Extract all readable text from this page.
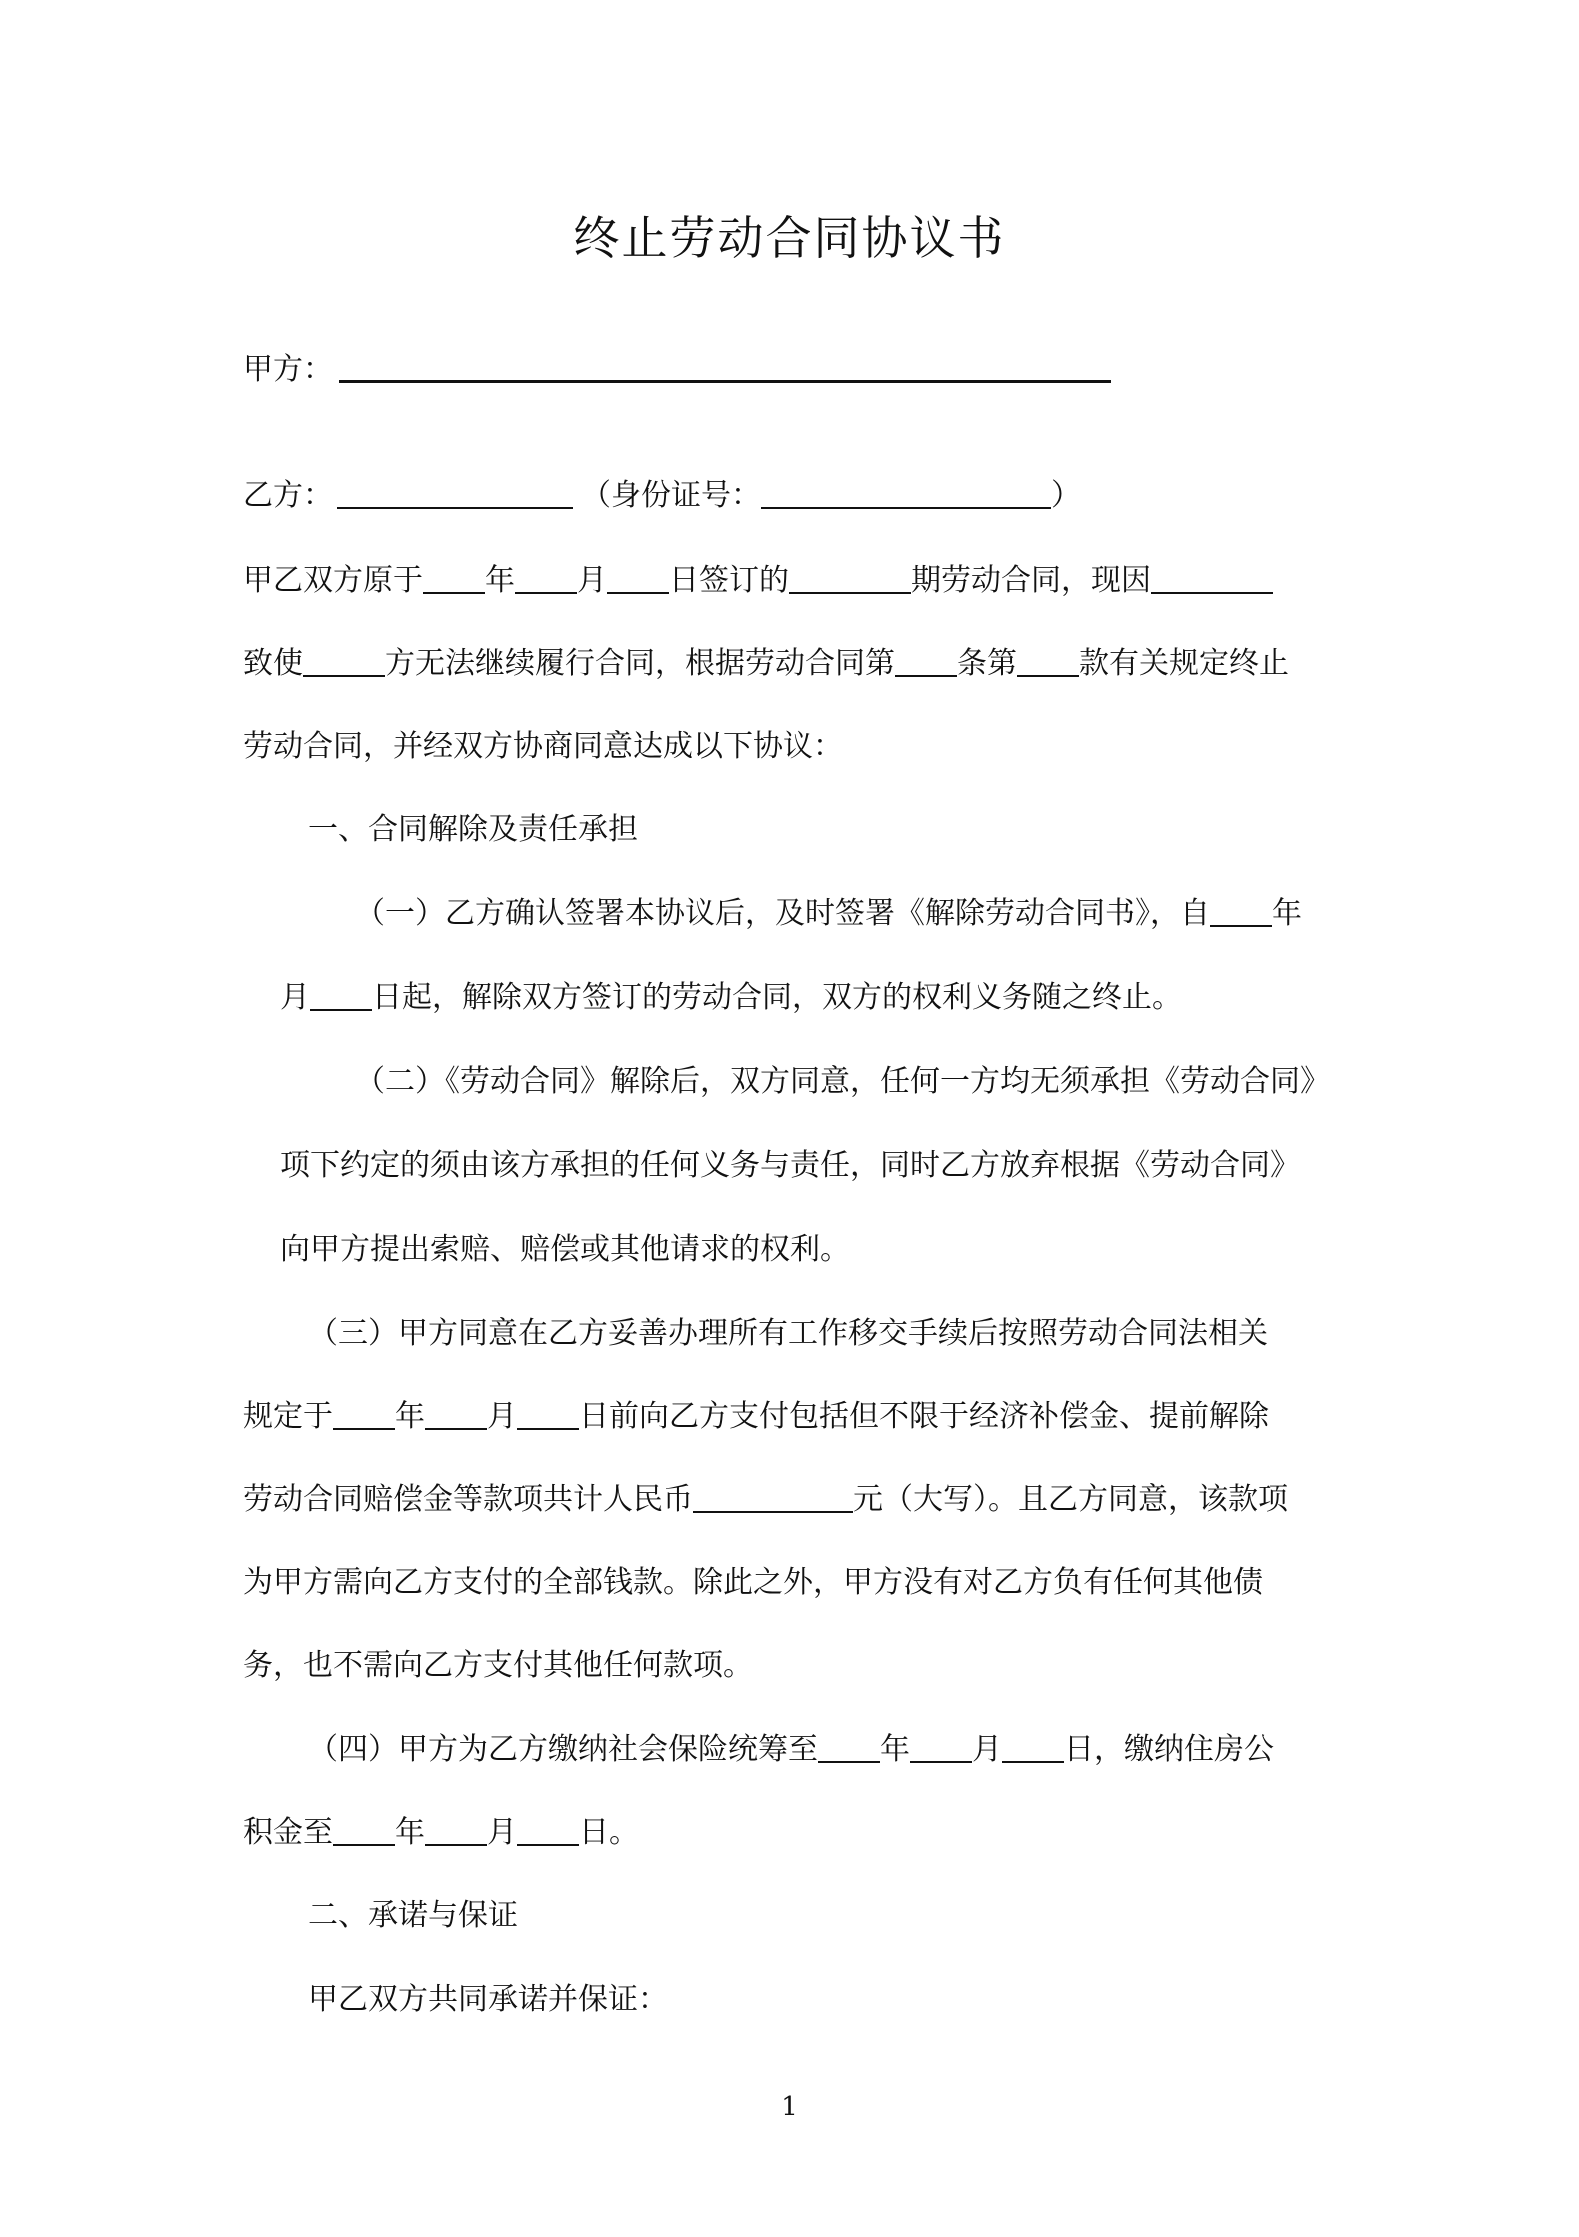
终止劳动合同协议书
甲方：
乙方：	（身份证号：	）
甲乙双方原于 年 月 日签订的	期劳动合同，现因
致使	方无法继续履行合同，根据劳动合同第 条第 款有关规定终止
劳动合同，并经双方协商同意达成以下协议：
一、合同解除及责任承担
（一）乙方确认签署本协议后，及时签署《解除劳动合同书》，自 年
月 日起，解除双方签订的劳动合同，双方的权利义务随之终止。
（二）《劳动合同》解除后，双方同意，任何一方均无须承担《劳动合同》
项下约定的须由该方承担的任何义务与责任，同时乙方放弃根据《劳动合同》
向甲方提出索赔、赔偿或其他请求的权利。
（三）甲方同意在乙方妥善办理所有工作移交手续后按照劳动合同法相关
规定于 年 月 日前向乙方支付包括但不限于经济补偿金、提前解除
劳动合同赔偿金等款项共计人民币	元（大写）。且乙方同意，该款项
为甲方需向乙方支付的全部钱款。除此之外，甲方没有对乙方负有任何其他债
务，也不需向乙方支付其他任何款项。
（四）甲方为乙方缴纳社会保险统筹至 年 月 日，缴纳住房公
积金至 年 月 日。
二、承诺与保证
甲乙双方共同承诺并保证：
1
